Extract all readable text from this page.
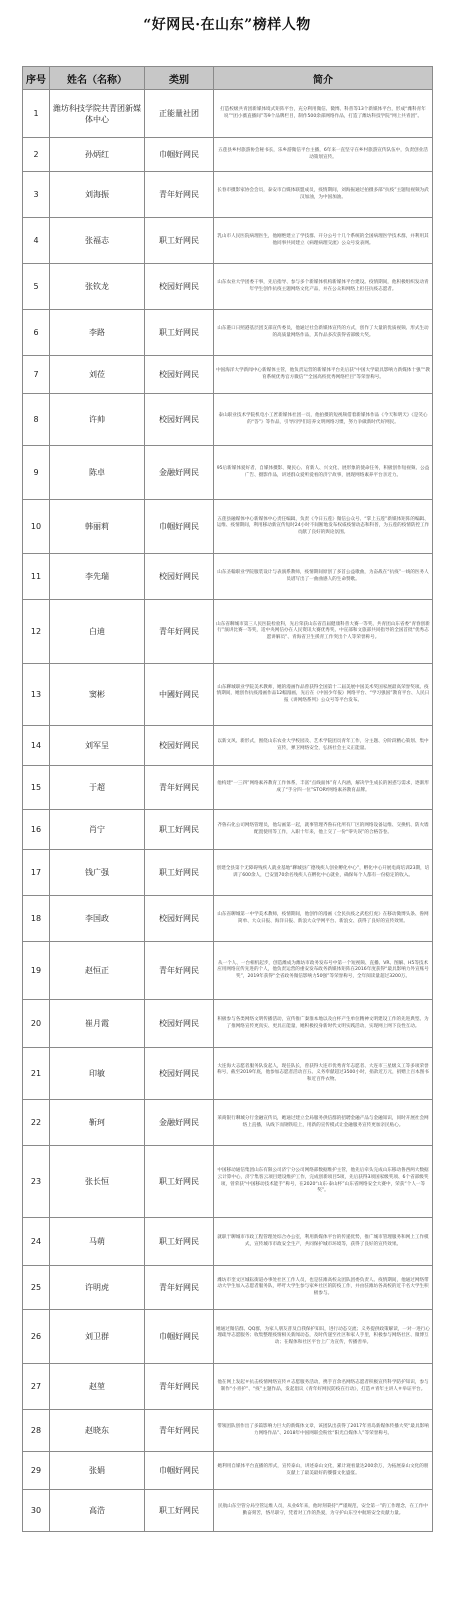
“好网民·在山东”榜样人物
序号	姓名（名称）	类别	简介
1	潍坊科技学院共青团新媒体中心	正能量社团	打造校级共青团新媒体境式矩阵平台，充分利用微信、微博、科普等13个新媒体平台，形成“潍科青年说”“团小薇直播间”等9个品牌栏目，制作500余部网络作品，打造了潍坊科技学院“网上共青团”。
2	孙炳红	巾帼好网民	五莲县乡村旅游协会秘书长，乐乡游微信平台主播，6年来一直坚守在乡村旅游宣传队伍中，负责创业活动策划宣传。
3	刘海振	青年好网民	长春市摄影家协会会员，泰安市自媒体联盟成员，疫情期间，刘海振通过拍摄多部“抗疫”主题短视频为武汉加油，为中国加油。
4	张福志	职工好网民	乳山市人民医院病理医生，他刚绝建立了学技群、开分公号十几个系统的全国病理医学技术群，并利用其他同事共同建立《病理病理交流》公众号发表网。
5	张钦龙	校园好网民	山东农业大学团委干事，先后指导、参与多个新媒体机构新媒体平台建设。疫情期间，他积极组织发动青年学生创作抗疫主题网络文化产品，并在公众和网络上担任抗疫志愿者。
6	李路	职工好网民	山东港口日照港基层团支部宣传委员，他通过社会新媒体宣传的方式，创作了大量的优质视频、形式生动的高质量网络作品，其作品多次获得省部级大奖。
7	刘莅	校园好网民	中国海洋大学新闻中心新媒体主管，他负责运营的新媒体平台先后获“中国大学最具影响力新媒体十强”“教育系统优秀官方微信”“全国高校优秀网络栏目”等荣誉称号。
8	许帅	校园好网民	泰山职业技术学院机电小工匠新媒体社团一员，他拍摄的短视频借着新媒体作品《今天和明天》《是笑心的“答”》等作品，引导同学们培养文明网络习惯，努力争做新时代好网民。
9	陈卓	金融好网民	95后新媒体爱好者，自媒体摄影、聚民心、育新人、兴文化、展形象的使命任务，积极创作短视频、公益广告、摄影作品，讲述群众爱听爱看的济宁故事，展现网络素养平台亲近力。
10	韩丽莉	巾帼好网民	五莲县融媒体中心新媒体中心责任编辑，负责《今日五莲》微信公众号、“掌上五莲”新媒体矩阵的编辑、运维、疫情期间，利用移动新宣传短时24小时不间断地发布权威疫情动态和科普，为五莲的疫情防控工作贡献了良好的舆论氛围。
11	李先瑞	校园好网民	山东圣翰职业学院服装设计与表演系教师，疫情期间原创了多首公益歌曲，为奋战在“抗疫”一线的医务人员谱写出了一曲曲感人的生命赞歌。
12	白迪	青年好网民	山东省聊城市第三人民医院检验科，先后荣获山东省首届健康科普大赛一等奖、共青团山东省委“青春创新行”演讲比赛一等奖，适中央网信办在人民资讯大赛优秀奖、中宣部和文旅部共同指导的全国首批“优秀志愿讲解员”、青海省卫生援青工作突出个人等荣誉称号。
13	窦彬	中國好网民	山东聊城职业学院美术教师，她的漫画作品曾获得全国第十二届美展中国美术奖国家展最高荣誉奖项。疫情期间，她创作抗疫漫画作品12幅漫画，先后在《中国少年报》网络平台、“学习强国”教育平台、人民日报《讲网络系列》公众号等平台发布。
14	刘军呈	校园好网民	以新文风、新形式，围绕山东农业大学校园及、艺术学院团员青年工作，分主题、分阶段精心策划、集中宣传，弹卫网络安全，弘扬社会主义正能量。
15	于超	青年好网民	他构建“一三四”网络素养教育工作体系，丰富“点线面体”育人内涵，解决学生成长的困惑与需求，逐渐形成了“手分四一位”STORY网络素养教育品牌。
16	肖宁	职工好网民	齐鲁石化公司网络管理员，他勾画第一起，就事管理齐鲁石化所有厂区的网络设备运维、交换机、防火墙配置使用等工作，入职十年来，他上交了一份“零失误”的合格答卷。
17	钱广强	职工好网民	创建全县第个无障碍残疾人就业基地“聊城县广德残疾人创业孵化中心”，孵化中心开展电商培训23期，培训了600余人，已安置70余名残疾人在孵化中心就业，确保每个人都有一份稳定的收入。
18	李国政	校园好网民	山东省聊城第一中学美术教师，疫情期间，他创作的漫画《全民抗疫之武松打虎》在移动微博头条、鲁网简单、大众日报、海洋日报、新浪大众学网平台、新浪女、获得了良好的宣传效果。
19	赵恒正	青年好网民	从一个人、一台相机起步，创造潍成为潍坊市政务发布号中第一个短视频、直播、VR、图解、H5等技术应用网络宣传先进的个人，他负责运营的重安发布政务新媒体矩阵在2016年度获得“最具影响力外宣账号奖”，2019年获得“全省政务微信影响力50强”等荣誉称号，全年阅读量超过3200万。
20	崔月霞	校园好网民	积极参与各类网络文明传播活动，宣传推广秦淮本地以及白杯产生单位精神文明建设工作的先进典型。为了推网络宣传更真实、更具正能量，她积极投身新时代文明实践活动，实现网上网下良性互动。
21	印敏	校园好网民	大连海大志愿者服务队发起人，现任队长，曾获得大连市优秀青年志愿者、大连市三星级义工等多项荣誉称号，截至2019年底，他参加志愿者活动百五、义务奉献超过3500小时，捐款近万元，捐赠上百本图书和近百件衣物。
22	靳珂	金融好网民	莱商银行聊城分行金融宣传员，她通过建立全局服务供信群的招聘金融产品与金融知识，同时开展社会网络上直播，从线下而钢铁哇上，用新的宣传模式让金融服务宣传更加亲民贴心。
23	张长恒	职工好网民	中国移动通信集团山东有限公司济宁分公司网络部数据维护主管，他先后牵头完成山东移动鲁西两大数据云计算中心，济宁集客云项目建设维护工作，完成创新项目5项，先后获得3项国家级奖项、6个省部级奖项，曾荣获“中国移动技术能手”称号，在2020“山东·泰山杯”山东省网络安全大赛中，荣获“个人一等奖”。
24	马萌	职工好网民	就职于聊城市市政工程管理处综合办公室，利用新媒体平台的传递优势，推广城市管理服务和网上工作模式，宣传城市市政安全生产，共同保护城市环境等，获得了良好的宣传效果。
25	许明虎	青年好网民	潍坊市奎文区城耘街道办事处社区工作人员，也是驻滩高校众团队团委负责人。疫情期间，他通过网络带动大学生加入志愿者服务队，呼吁大学生参与家乡社区的防疫工作，并由驻滩坊各高校的近千名大学生积极参与。
26	刘卫群	巾帼好网民	她通过微信群、QQ群，为家人朋友普及自我保护知识，进行动态交流；义务提供政策解读，一对一进行心理疏导志愿服务；收集整理疫情相关新闻动态，及时传递至社区和家人手里，积极参与网络社区、微博互动；在媒体和社区平台上广为宣传，传播善举。
27	赵堃	青年好网民	他在网上发起＃抗击疫情网络宣传＃志愿服务活动，携手百余名网络志愿者积极宣传科学防护知识，参与制作“小青护”、“疫”主题作品，发起倡议《青年好网民防疫在行动》，打造＃青年主讲人＃举证平台。
28	赵晓东	青年好网民	带领团队创作出了多篇影响力巨大的新媒体文章，该团队出获得了2017年青岛新媒体传播大奖“最具影响力网络作品”、2018年中国网联会粉丝“阳光自媒体人”等荣誉称号。
29	张娟	巾帼好网民	她利用自媒体平台直播的形式，宣传泰山，讲述泰山文化，累计观看量达200余万，为拓展泰山文化的朋友献上了最美最好的饕餮文化盛宴。
30	高浩	职工好网民	民航山东空管分局空管运维人员，从业6年来，他时刻秉持“严谨规范，安全第一”的工作理念，在工作中勤奋刻苦，恪尽职守，凭着对工作的热爱，为守护山东空中航班安全贡献力量。
